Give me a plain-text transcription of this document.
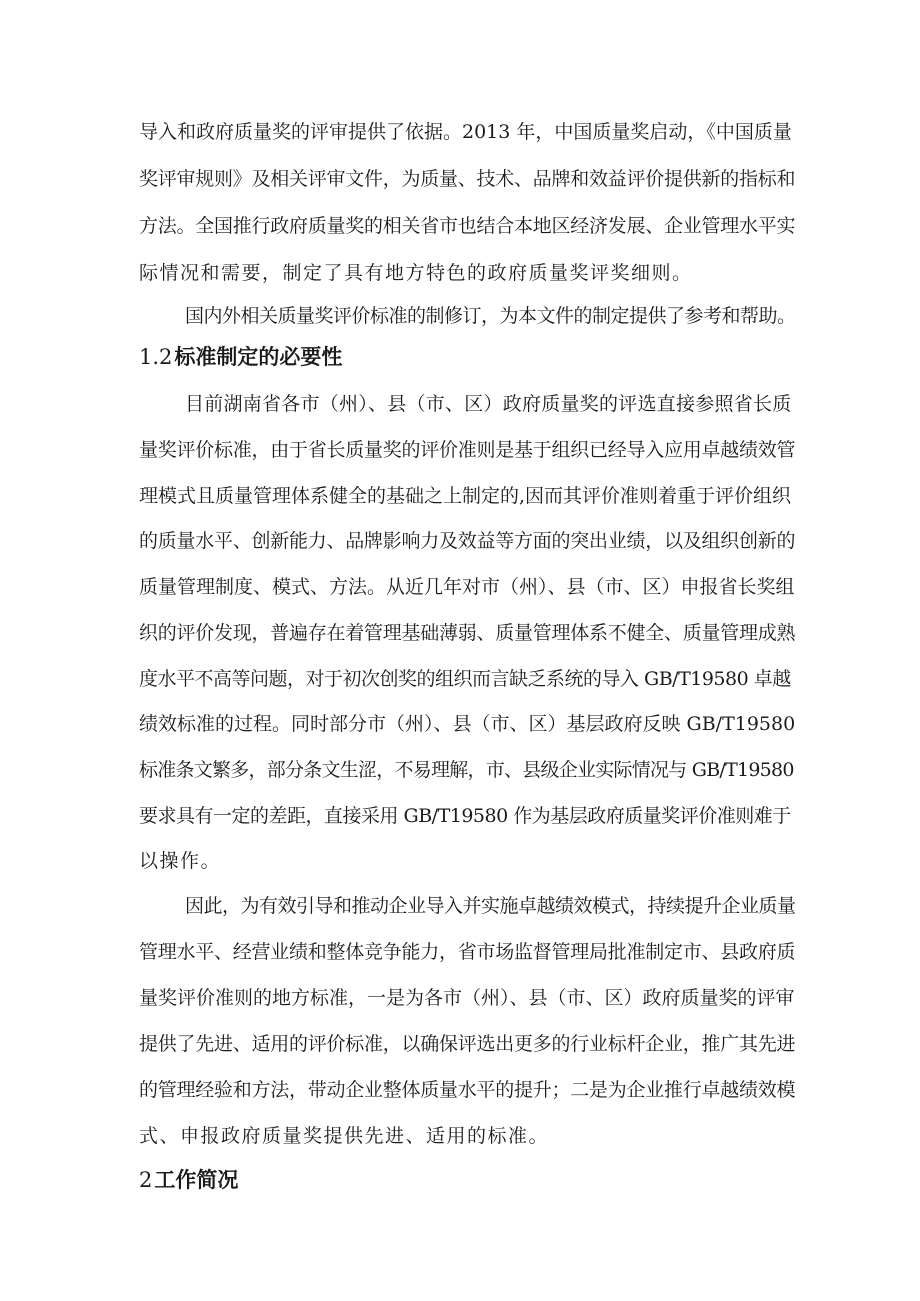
导入和政府质量奖的评审提供了依据。2013 年，中国质量奖启动，《中国质量
奖评审规则》及相关评审文件，为质量、技术、品牌和效益评价提供新的指标和
方法。全国推行政府质量奖的相关省市也结合本地区经济发展、企业管理水平实
际情况和需要，制定了具有地方特色的政府质量奖评奖细则。
国内外相关质量奖评价标准的制修订，为本文件的制定提供了参考和帮助。
1.2标准制定的必要性
目前湖南省各市（州）、县（市、区）政府质量奖的评选直接参照省长质
量奖评价标准，由于省长质量奖的评价准则是基于组织已经导入应用卓越绩效管
理模式且质量管理体系健全的基础之上制定的,因而其评价准则着重于评价组织
的质量水平、创新能力、品牌影响力及效益等方面的突出业绩，以及组织创新的
质量管理制度、模式、方法。从近几年对市（州）、县（市、区）申报省长奖组
织的评价发现，普遍存在着管理基础薄弱、质量管理体系不健全、质量管理成熟
度水平不高等问题，对于初次创奖的组织而言缺乏系统的导入 GB/T19580 卓越
绩效标准的过程。同时部分市（州）、县（市、区）基层政府反映 GB/T19580
标准条文繁多，部分条文生涩，不易理解，市、县级企业实际情况与 GB/T19580
要求具有一定的差距，直接采用 GB/T19580 作为基层政府质量奖评价准则难于
以操作。
因此，为有效引导和推动企业导入并实施卓越绩效模式，持续提升企业质量
管理水平、经营业绩和整体竞争能力，省市场监督管理局批准制定市、县政府质
量奖评价准则的地方标准，一是为各市（州）、县（市、区）政府质量奖的评审
提供了先进、适用的评价标准，以确保评选出更多的行业标杆企业，推广其先进
的管理经验和方法，带动企业整体质量水平的提升；二是为企业推行卓越绩效模
式、申报政府质量奖提供先进、适用的标准。
2工作简况
